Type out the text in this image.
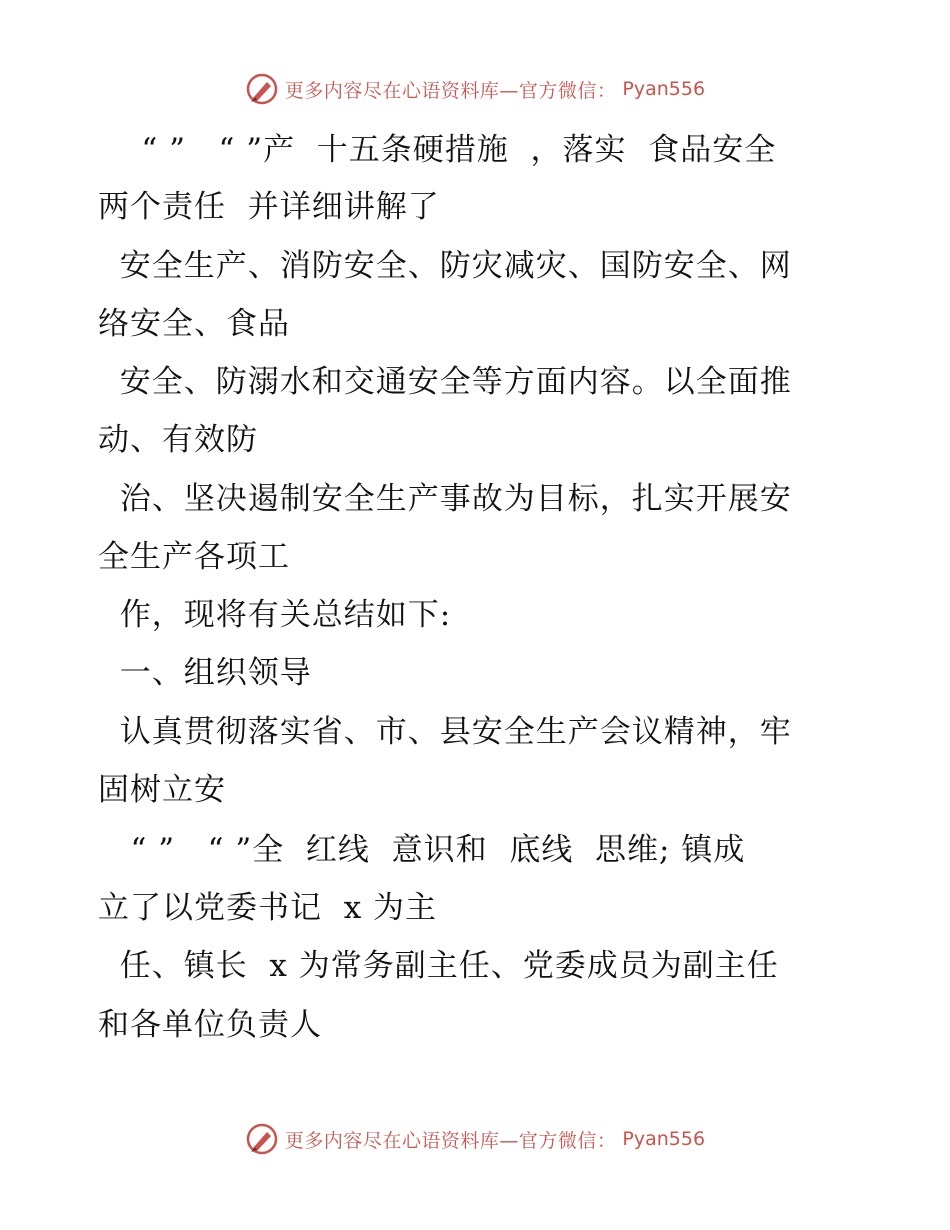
更多内容尽在心语资料库—官方微信： Pyan556
“ ”   “ ”产  十五条硬措施  ，落实  食品安全
两个责任  并详细讲解了
安全生产、消防安全、防灾减灾、国防安全、网
络安全、食品
安全、防溺水和交通安全等方面内容。以全面推
动、有效防
治、坚决遏制安全生产事故为目标，扎实开展安
全生产各项工
作，现将有关总结如下:
一、组织领导
认真贯彻落实省、市、县安全生产会议精神，牢
固树立安
“ ”   “ ”全  红线  意识和  底线  思维; 镇成
立了以党委书记  x 为主
任、镇长  x 为常务副主任、党委成员为副主任
和各单位负责人
更多内容尽在心语资料库—官方微信： Pyan556
